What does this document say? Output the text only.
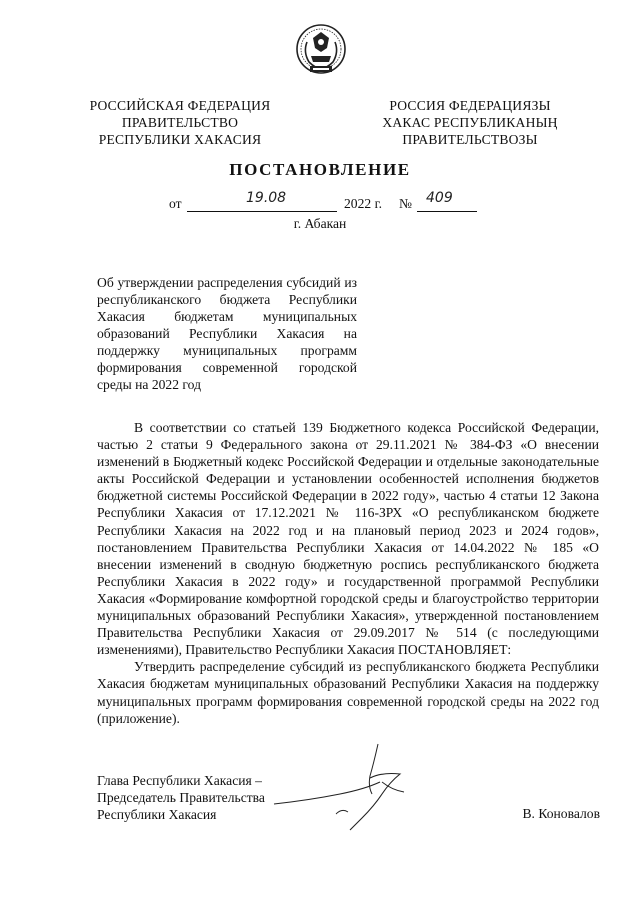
РОССИЙСКАЯ ФЕДЕРАЦИЯ
ПРАВИТЕЛЬСТВО
РЕСПУБЛИКИ ХАКАСИЯ
РОССИЯ ФЕДЕРАЦИЯЗЫ
ХАКАС РЕСПУБЛИКАНЫҢ
ПРАВИТЕЛЬСТВОЗЫ
ПОСТАНОВЛЕНИЕ
от	19.08	2022 г. № 409
г. Абакан
Об утверждении распределения субсидий из республиканского бюджета Республики Хакасия бюджетам муниципальных образований Республики Хакасия на поддержку муниципальных программ формирования современной городской среды на 2022 год

В соответствии со статьей 139 Бюджетного кодекса Российской Федерации, частью 2 статьи 9 Федерального закона от 29.11.2021 № 384-ФЗ «О внесении изменений в Бюджетный кодекс Российской Федерации и отдельные законодательные акты Российской Федерации и установлении особенностей исполнения бюджетов бюджетной системы Российской Федерации в 2022 году», частью 4 статьи 12 Закона Республики Хакасия от 17.12.2021 № 116-ЗРХ «О республиканском бюджете Республики Хакасия на 2022 год и на плановый период 2023 и 2024 годов», постановлением Правительства Республики Хакасия от 14.04.2022 № 185 «О внесении изменений в сводную бюджетную роспись республиканского бюджета Республики Хакасия в 2022 году» и государственной программой Республики Хакасия «Формирование комфортной городской среды и благоустройство территории муниципальных образований Республики Хакасия», утвержденной постановлением Правительства Республики Хакасия от 29.09.2017 № 514 (с последующими изменениями), Правительство Республики Хакасия ПОСТАНОВЛЯЕТ:

Утвердить распределение субсидий из республиканского бюджета Республики Хакасия бюджетам муниципальных образований Республики Хакасия на поддержку муниципальных программ формирования современной городской среды на 2022 год (приложение).

Глава Республики Хакасия –
Председатель Правительства
Республики Хакасия	В. Коновалов
